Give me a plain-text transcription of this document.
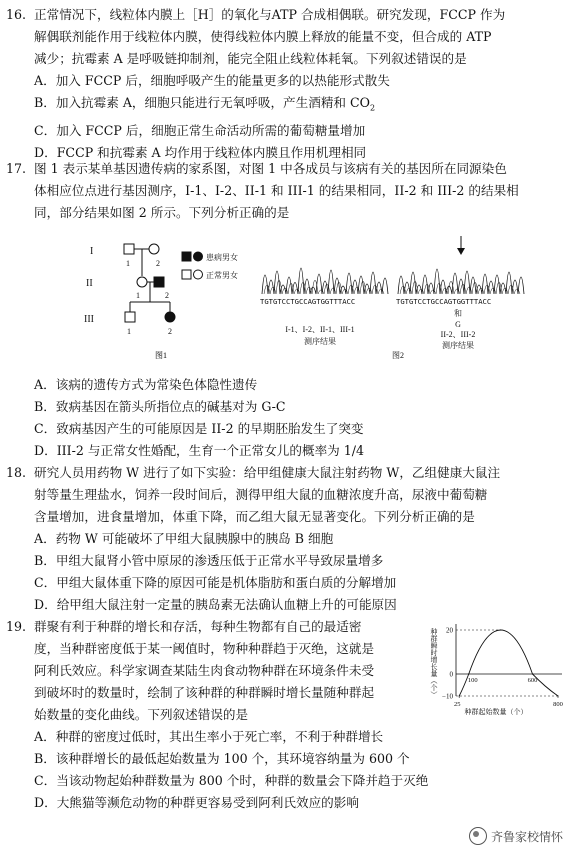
16. 正常情况下，线粒体内膜上［H］的氧化与ATP 合成相偶联。研究发现，FCCP 作为

解偶联剂能作用于线粒体内膜，使得线粒体内膜上释放的能量不变，但合成的 ATP

减少；抗霉素 A 是呼吸链抑制剂，能完全阻止线粒体耗氧。下列叙述错误的是

A．加入 FCCP 后，细胞呼吸产生的能量更多的以热能形式散失

B．加入抗霉素 A，细胞只能进行无氧呼吸，产生酒精和 $CO_2$

C．加入 FCCP 后，细胞正常生命活动所需的葡萄糖量增加

D．FCCP 和抗霉素 A 均作用于线粒体内膜且作用机理相同

17. 图 1 表示某单基因遗传病的家系图，对图 1 中各成员与该病有关的基因所在同源染色

体相应位点进行基因测序，I-1、I-2、II-1 和 III-1 的结果相同，II-2 和 III-2 的结果相

同，部分结果如图 2 所示。下列分析正确的是

I
II
III
1	2
1	2
1	2
患病男女
正常男女
图1
TGTGTCCTGCCAGTGGTTTACC	TGTGTCCTGCCAGTGGTTTACC
和
G
I-1、I-2、II-1、III-1
测序结果
II-2、III-2
测序结果
图2

A．该病的遗传方式为常染色体隐性遗传

B．致病基因在箭头所指位点的碱基对为 G-C

C．致病基因产生的可能原因是 II-2 的早期胚胎发生了突变

D．III-2 与正常女性婚配，生育一个正常女儿的概率为 1/4

18. 研究人员用药物 W 进行了如下实验：给甲组健康大鼠注射药物 W，乙组健康大鼠注

射等量生理盐水，饲养一段时间后，测得甲组大鼠的血糖浓度升高，尿液中葡萄糖

含量增加，进食量增加，体重下降，而乙组大鼠无显著变化。下列分析正确的是

A．药物 W 可能破坏了甲组大鼠胰腺中的胰岛 B 细胞

B．甲组大鼠肾小管中原尿的渗透压低于正常水平导致尿量增多

C．甲组大鼠体重下降的原因可能是机体脂肪和蛋白质的分解增加

D．给甲组大鼠注射一定量的胰岛素无法确认血糖上升的可能原因

19. 群聚有利于种群的增长和存活，每种生物都有自己的最适密

度，当种群密度低于某一阈值时，物种种群趋于灭绝，这就是

阿利氏效应。科学家调查某陆生肉食动物种群在环境条件未受

到破坏时的数量时，绘制了该种群的种群瞬时增长量随种群起

始数量的变化曲线。下列叙述错误的是

种群瞬时增长量（个） 20
0
−10
25
100	600
800
种群起始数量（个）

A．种群的密度过低时，其出生率小于死亡率，不利于种群增长

B．该种群增长的最低起始数量为 100 个，其环境容纳量为 600 个

C．当该动物起始种群数量为 800 个时，种群的数量会下降并趋于灭绝

D．大熊猫等濒危动物的种群更容易受到阿利氏效应的影响

齐鲁家校情怀
